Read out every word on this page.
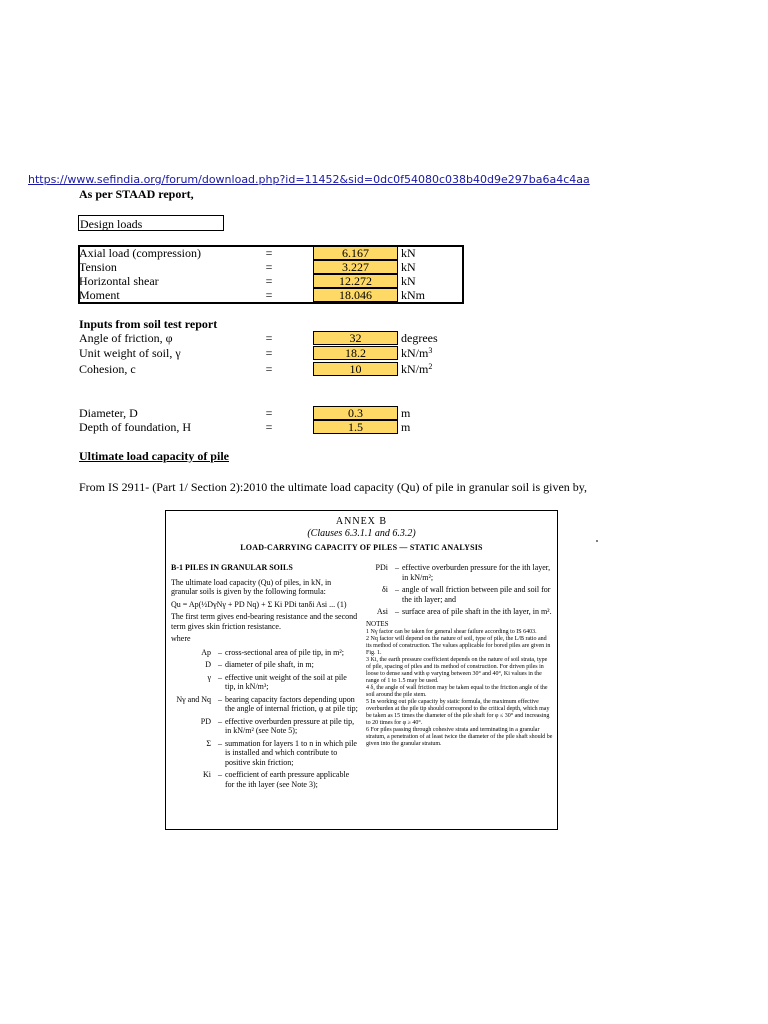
https://www.sefindia.org/forum/download.php?id=11452&sid=0dc0f54080c038b40d9e297ba6a4c4aa
As per STAAD report,
Design loads
Axial load (compression)	=	6.167	kN
Tension	=	3.227	kN
Horizontal shear	=	12.272	kN
Moment	=	18.046	kNm
Inputs from soil test report
Angle of friction, φ	=	32	degrees
Unit weight of soil, γ	=	18.2	$kN/m^3$
Cohesion, c	=	10	$kN/m^2$
Diameter, D	=	0.3	m
Depth of foundation, H	=	1.5	m
Ultimate load capacity of pile
From IS 2911- (Part 1/ Section 2):2010 the ultimate load capacity (Qu) of pile in granular soil is given by,
ANNEX B
(Clauses 6.3.1.1 and 6.3.2)
LOAD-CARRYING CAPACITY OF PILES — STATIC ANALYSIS

B-1 PILES IN GRANULAR SOILS

The ultimate load capacity (Qu) of piles, in kN, in granular soils is given by the following formula:

Qu = Ap(½DγNγ + PD Nq) + Σ Ki PDi tanδi Asi ... (1)

The first term gives end-bearing resistance and the second term gives skin friction resistance.

where

Ap – cross-sectional area of pile tip, in m²;
D – diameter of pile shaft, in m;
γ – effective unit weight of the soil at pile tip, in kN/m³;
Nγ and Nq – bearing capacity factors depending upon the angle of internal friction, φ at pile tip;
PD – effective overburden pressure at pile tip, in kN/m² (see Note 5);
Σ – summation for layers 1 to n in which pile is installed and which contribute to positive skin friction;
Ki – coefficient of earth pressure applicable for the ith layer (see Note 3);
PDi – effective overburden pressure for the ith layer, in kN/m²;
δi – angle of wall friction between pile and soil for the ith layer; and
Asi – surface area of pile shaft in the ith layer, in m².

NOTES

1 Nγ factor can be taken for general shear failure according to IS 6403.

2 Nq factor will depend on the nature of soil, type of pile, the L/B ratio and its method of construction. The values applicable for bored piles are given in Fig. 1.

3 Ki, the earth pressure coefficient depends on the nature of soil strata, type of pile, spacing of piles and its method of construction. For driven piles in loose to dense sand with φ varying between 30° and 40°, Ki values in the range of 1 to 1.5 may be used.

4 δ, the angle of wall friction may be taken equal to the friction angle of the soil around the pile stem.

5 In working out pile capacity by static formula, the maximum effective overburden at the pile tip should correspond to the critical depth, which may be taken as 15 times the diameter of the pile shaft for φ ≤ 30° and increasing to 20 times for φ ≥ 40°.

6 For piles passing through cohesive strata and terminating in a granular stratum, a penetration of at least twice the diameter of the pile shaft should be given into the granular stratum.
